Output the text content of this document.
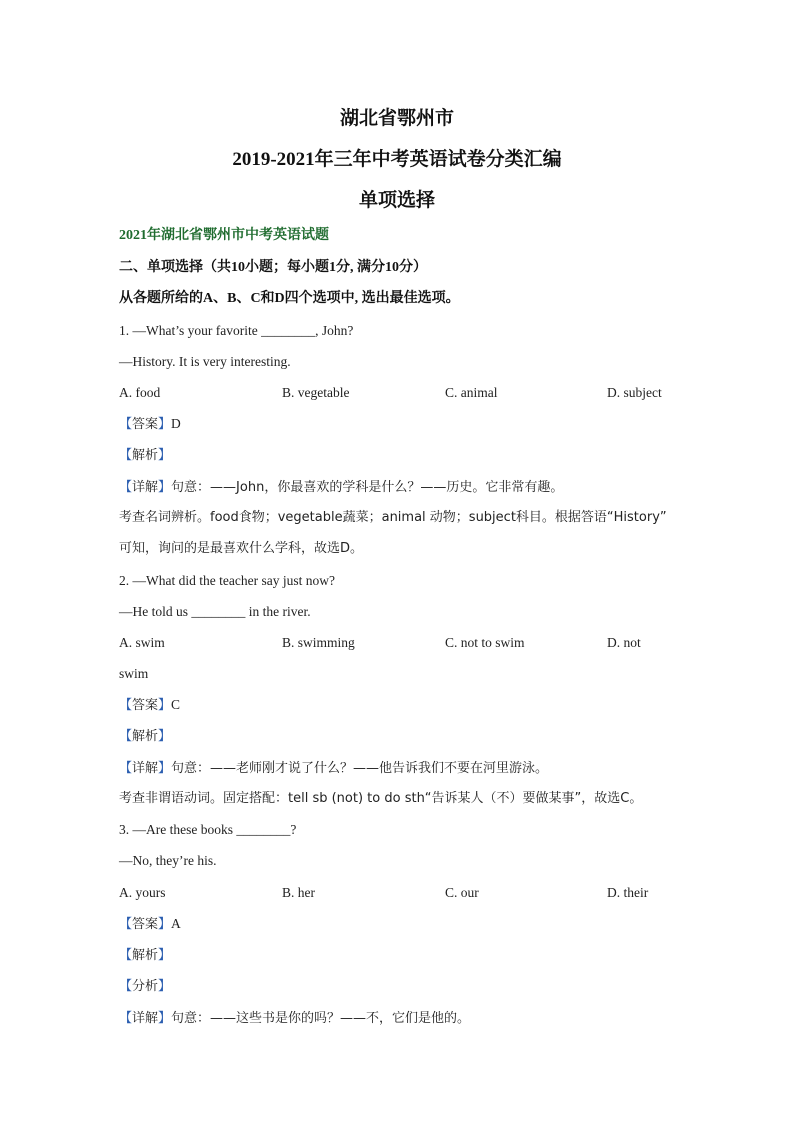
湖北省鄂州市
2019-2021年三年中考英语试卷分类汇编
单项选择
2021年湖北省鄂州市中考英语试题
二、单项选择（共10小题；每小题1分, 满分10分）
从各题所给的A、B、C和D四个选项中, 选出最佳选项。
1. —What’s your favorite ________, John?
—History. It is very interesting.
A. food	B. vegetable	C. animal	D. subject
【答案】D
【解析】
【详解】句意：——John，你最喜欢的学科是什么？——历史。它非常有趣。
考查名词辨析。food食物；vegetable蔬菜；animal 动物；subject科目。根据答语“History”
可知，询问的是最喜欢什么学科，故选D。
2. —What did the teacher say just now?
—He told us ________ in the river.
A. swim	B. swimming	C. not to swim	D. not
swim
【答案】C
【解析】
【详解】句意：——老师刚才说了什么？——他告诉我们不要在河里游泳。
考查非谓语动词。固定搭配：tell sb (not) to do sth“告诉某人（不）要做某事”，故选C。
3. —Are these books ________?
—No, they’re his.
A. yours	B. her	C. our	D. their
【答案】A
【解析】
【分析】
【详解】句意：——这些书是你的吗？——不，它们是他的。
